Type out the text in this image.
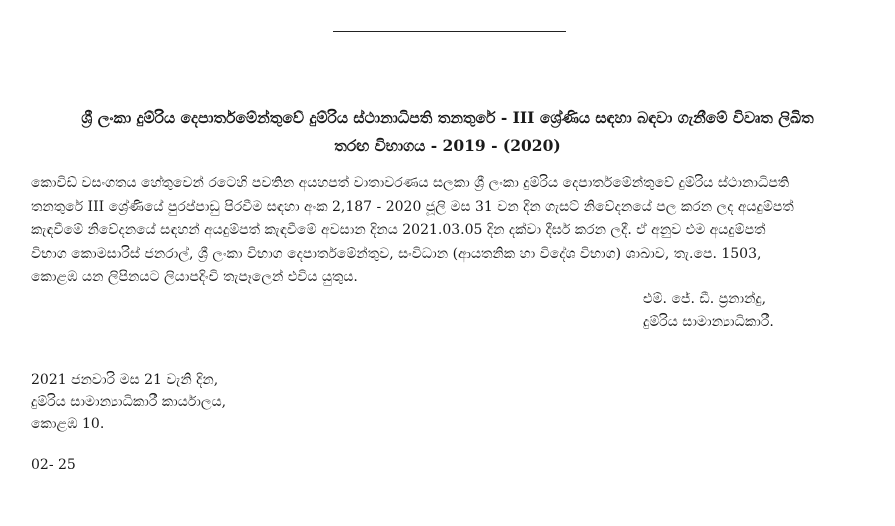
ශ්‍රී ලංකා දුම්රිය දෙපාර්තමේන්තුවේ දුම්රිය ස්ථානාධිපති තනතුරේ - III ශ්‍රේණිය සඳහා බඳවා ගැනීමේ විවෘත ලිඛිත
තරඟ විභාගය - 2019 - (2020)
කොවිඩ් වසංගතය හේතුවෙන් රටෙහි පවතින අයහපත් වාතාවරණය සලකා ශ්‍රී ලංකා දුම්රිය දෙපාර්තමේන්තුවේ දුම්රිය ස්ථානාධිපති
තනතුරේ III ශ්‍රේණියේ පුරප්පාඩු පිරවීම සඳහා අංක 2,187 - 2020 ජූලි මස 31 වන දින ගැසට් නිවේදනයේ පල කරන ලද අයදුම්පත්
කැඳවීමේ නිවේදනයේ සඳහන් අයදුම්පත් කැඳවීමේ අවසාන දිනය 2021.03.05 දින දක්වා දීර්ඝ කරන ලදී. ඒ අනුව එම අයදුම්පත්
විභාග කොමසාරිස් ජනරාල්, ශ්‍රී ලංකා විභාග දෙපාර්තමේන්තුව, සංවිධාන (ආයතනික හා විදේශ විභාග) ශාඛාව, තැ.පෙ. 1503,
කොළඹ යන ලිපිනයට ලියාපදිංචි තැපෑලෙන් එවිය යුතුය.
එම්. ජේ. ඩී. ප්‍රනාන්දු,
දුම්රිය සාමාන්‍යාධිකාරී.
2021 ජනවාරි මස 21 වැනි දින,
දුම්රිය සාමාන්‍යාධිකාරී කාර්යාලය,
කොළඹ 10.
02- 25
